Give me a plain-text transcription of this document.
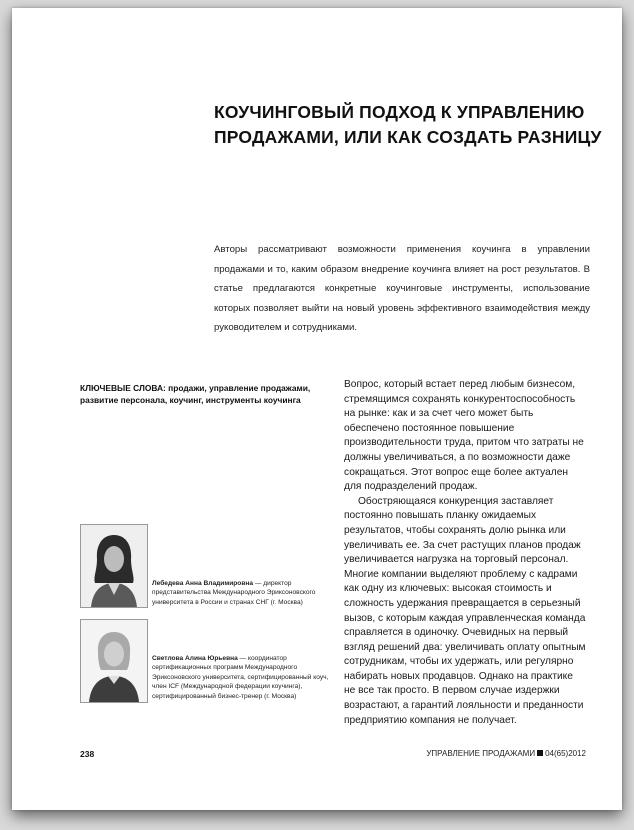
КОУЧИНГОВЫЙ ПОДХОД К УПРАВЛЕНИЮ
ПРОДАЖАМИ, ИЛИ КАК СОЗДАТЬ РАЗНИЦУ
Авторы рассматривают возможности применения коучинга в управлении продажами и то, каким образом внедрение коучинга влияет на рост результатов. В статье предлагаются конкретные коучинговые инструменты, использование которых позволяет выйти на новый уровень эффективного взаимодействия между руководителем и сотрудниками.
КЛЮЧЕВЫЕ СЛОВА: продажи, управление продажами, развитие персонала, коучинг, инструменты коучинга

Вопрос, который встает перед любым бизнесом, стремящимся сохранять конкурентоспособность на рынке: как и за счет чего может быть обеспечено постоянное повышение производительности труда, притом что затраты не должны увеличиваться, а по возможности даже сокращаться. Этот вопрос еще более актуален для подразделений продаж.

Обостряющаяся конкуренция заставляет постоянно повышать планку ожидаемых результатов, чтобы сохранять долю рынка или увеличивать ее. За счет растущих планов продаж увеличивается нагрузка на торговый персонал. Многие компании выделяют проблему с кадрами как одну из ключевых: высокая стоимость и сложность удержания превращается в серьезный вызов, с которым каждая управленческая команда справляется в одиночку. Очевидных на первый взгляд решений два: увеличивать оплату опытным сотрудникам, чтобы их удержать, или регулярно набирать новых продавцов. Однако на практике не все так просто. В первом случае издержки возрастают, а гарантий лояльности и преданности предприятию компания не получает.

Лебедева Анна Владимировна — директор представительства Международного Эриксоновского университета в России и странах СНГ (г. Москва)
Светлова Алина Юрьевна — координатор сертификационных программ Международного Эриксоновского университета, сертифицированный коуч, член ICF (Международной федерации коучинга), сертифицированный бизнес-тренер (г. Москва)
238	УПРАВЛЕНИЕ ПРОДАЖАМИ 04(65)2012
